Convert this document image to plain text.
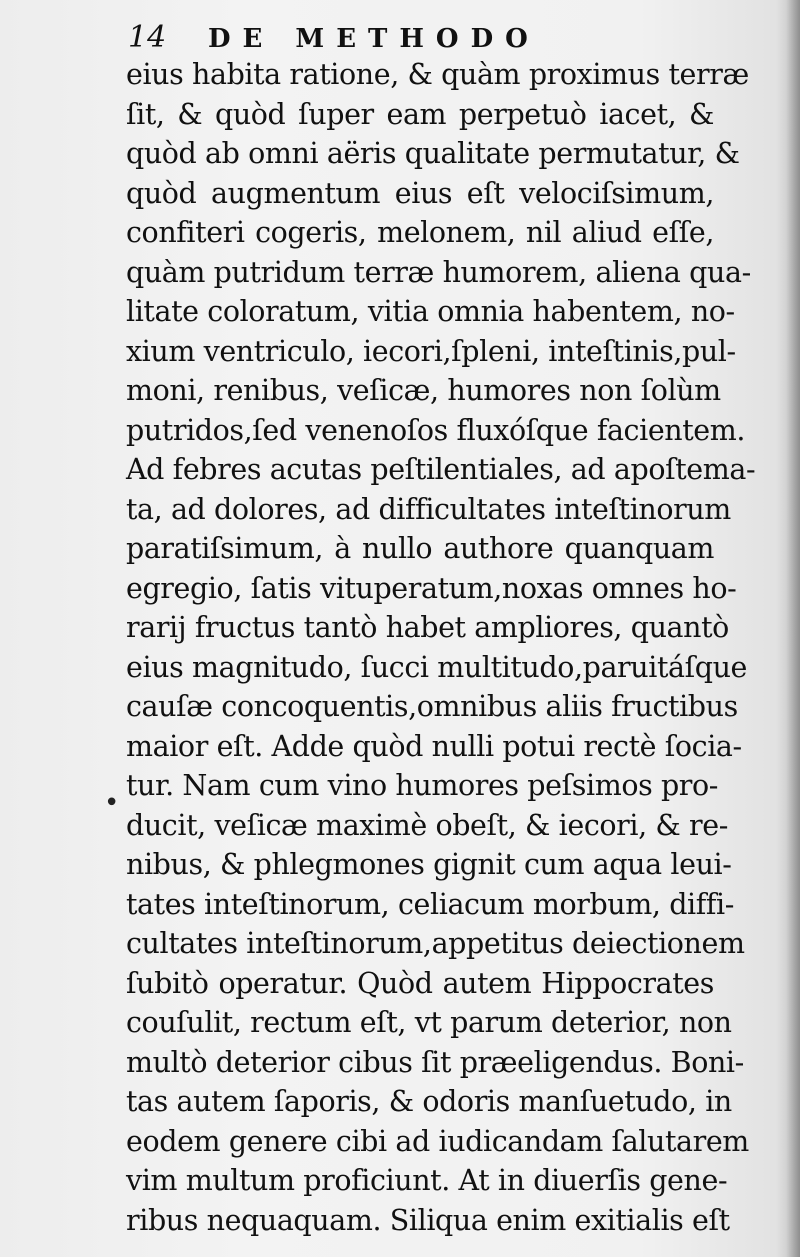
14 DE METHODO
•
eius habita ratione, & quàm proximus terræ
ſit, & quòd ſuper eam perpetuò iacet, &
quòd ab omni aëris qualitate permutatur, &
quòd augmentum eius eſt velociſsimum,
confiteri cogeris, melonem, nil aliud eſſe,
quàm putridum terræ humorem, aliena qua-
litate coloratum, vitia omnia habentem, no-
xium ventriculo, iecori,ſpleni, inteſtinis,pul-
moni, renibus, veſicæ, humores non ſolùm
putridos,ſed venenoſos fluxóſque facientem.
Ad febres acutas peſtilentiales, ad apoſtema-
ta, ad dolores, ad difficultates inteſtinorum
paratiſsimum, à nullo authore quanquam
egregio, ſatis vituperatum,noxas omnes ho-
rarij fructus tantò habet ampliores, quantò
eius magnitudo, ſucci multitudo,paruitáſque
cauſæ concoquentis,omnibus aliis fructibus
maior eſt. Adde quòd nulli potui rectè ſocia-
tur. Nam cum vino humores peſsimos pro-
ducit, veſicæ maximè obeſt, & iecori, & re-
nibus, & phlegmones gignit cum aqua leui-
tates inteſtinorum, celiacum morbum, diffi-
cultates inteſtinorum,appetitus deiectionem
ſubitò operatur. Quòd autem Hippocrates
couſulit, rectum eſt, vt parum deterior, non
multò deterior cibus ſit præeligendus. Boni-
tas autem ſaporis, & odoris manſuetudo, in
eodem genere cibi ad iudicandam ſalutarem
vim multum proficiunt. At in diuerſis gene-
ribus nequaquam. Siliqua enim exitialis eſt
